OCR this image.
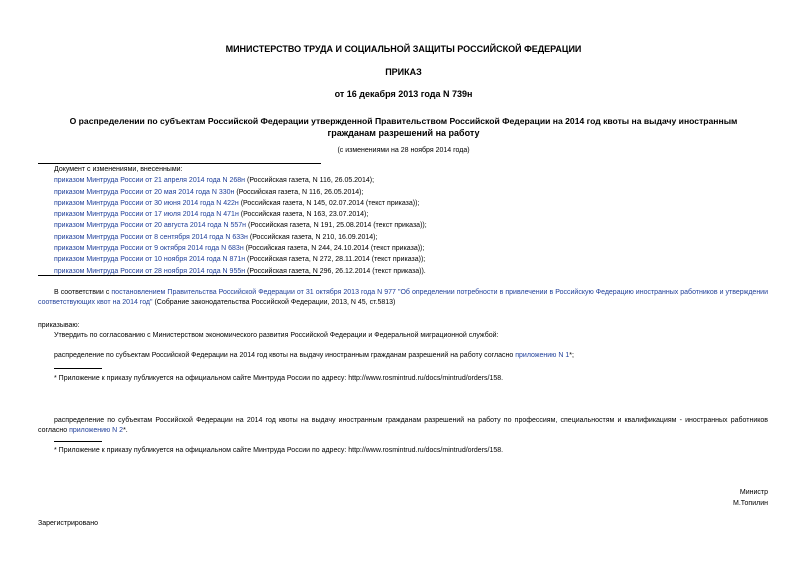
МИНИСТЕРСТВО ТРУДА И СОЦИАЛЬНОЙ ЗАЩИТЫ РОССИЙСКОЙ ФЕДЕРАЦИИ
ПРИКАЗ
от 16 декабря 2013 года N 739н
О распределении по субъектам Российской Федерации утвержденной Правительством Российской Федерации на 2014 год квоты на выдачу иностранным
гражданам разрешений на работу
(с изменениями на 28 ноября 2014 года)
Документ с изменениями, внесенными:
приказом Минтруда России от 21 апреля 2014 года N 268н (Российская газета, N 116, 26.05.2014);
приказом Минтруда России от 20 мая 2014 года N 330н (Российская газета, N 116, 26.05.2014);
приказом Минтруда России от 30 июня 2014 года N 422н (Российская газета, N 145, 02.07.2014 (текст приказа));
приказом Минтруда России от 17 июля 2014 года N 471н (Российская газета, N 163, 23.07.2014);
приказом Минтруда России от 20 августа 2014 года N 557н (Российская газета, N 191, 25.08.2014 (текст приказа));
приказом Минтруда России от 8 сентября 2014 года N 633н (Российская газета, N 210, 16.09.2014);
приказом Минтруда России от 9 октября 2014 года N 683н (Российская газета, N 244, 24.10.2014 (текст приказа));
приказом Минтруда России от 10 ноября 2014 года N 871н (Российская газета, N 272, 28.11.2014 (текст приказа));
приказом Минтруда России от 28 ноября 2014 года N 955н (Российская газета, N 296, 26.12.2014 (текст приказа)).
В соответствии с постановлением Правительства Российской Федерации от 31 октября 2013 года N 977 "Об определении потребности в привлечении в Российскую Федерацию иностранных работников и утверждении соответствующих квот на 2014 год" (Собрание законодательства Российской Федерации, 2013, N 45, ст.5813)
приказываю:
Утвердить по согласованию с Министерством экономического развития Российской Федерации и Федеральной миграционной службой:
распределение по субъектам Российской Федерации на 2014 год квоты на выдачу иностранным гражданам разрешений на работу согласно приложению N 1*;
* Приложение к приказу публикуется на официальном сайте Минтруда России по адресу: http://www.rosmintrud.ru/docs/mintrud/orders/158.
распределение по субъектам Российской Федерации на 2014 год квоты на выдачу иностранным гражданам разрешений на работу по профессиям, специальностям и квалификациям - иностранных работников согласно приложению N 2*.
* Приложение к приказу публикуется на официальном сайте Минтруда России по адресу: http://www.rosmintrud.ru/docs/mintrud/orders/158.
Министр
М.Топилин
Зарегистрировано
